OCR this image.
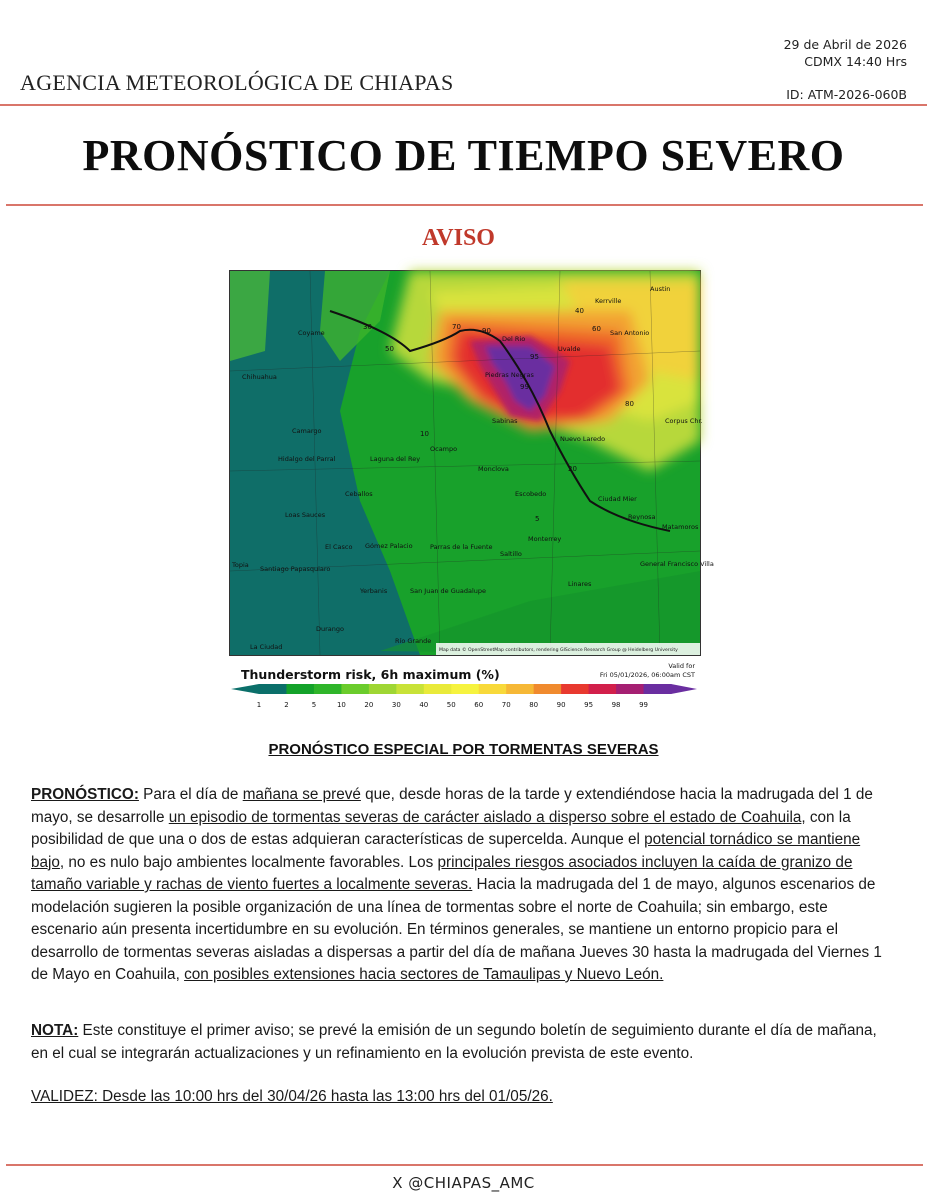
AGENCIA METEOROLÓGICA DE CHIAPAS
29 de Abril de 2026
CDMX 14:40 Hrs
ID: ATM-2026-060B
PRONÓSTICO DE TIEMPO SEVERO
AVISO
Austin
Kerrville
San Antonio
Del Rio
Uvalde
Coyame
Chihuahua	Piedras Negras
Corpus Chr.
Sabinas
Nuevo Laredo
Camargo
Laguna del Rey
Ocampo
Monclova
Hidalgo del Parral
Ceballos	Escobedo
Ciudad Mier
Loas Sauces	Reynosa
Matamoros
El Casco Gómez Palacio	Parras de la Fuente
Monterrey
Saltillo
Topia Santiago Papasquiaro
General Francisco Villa
Linares
Yerbanis	San Juan de Guadalupe
Durango
Río Grande
La Ciudad
30
50
70	90
95
99
80
60
40
20
10
5
Map data © OpenStreetMap contributors, rendering GIScience Research Group @ Heidelberg University
Thunderstorm risk, 6h maximum (%)
Valid for
Fri 05/01/2026, 06:00am CST
1	2	5	10	20	30	40	50	60	70	80	90	95	98	99
PRONÓSTICO ESPECIAL POR TORMENTAS SEVERAS
PRONÓSTICO: Para el día de mañana se prevé que, desde horas de la tarde y extendiéndose hacia la madrugada del 1 de mayo, se desarrolle un episodio de tormentas severas de carácter aislado a disperso sobre el estado de Coahuila, con la posibilidad de que una o dos de estas adquieran características de supercelda. Aunque el potencial tornádico se mantiene bajo, no es nulo bajo ambientes localmente favorables. Los principales riesgos asociados incluyen la caída de granizo de tamaño variable y rachas de viento fuertes a localmente severas. Hacia la madrugada del 1 de mayo, algunos escenarios de modelación sugieren la posible organización de una línea de tormentas sobre el norte de Coahuila; sin embargo, este escenario aún presenta incertidumbre en su evolución. En términos generales, se mantiene un entorno propicio para el desarrollo de tormentas severas aisladas a dispersas a partir del día de mañana Jueves 30 hasta la madrugada del Viernes 1 de Mayo en Coahuila, con posibles extensiones hacia sectores de Tamaulipas y Nuevo León.
NOTA: Este constituye el primer aviso; se prevé la emisión de un segundo boletín de seguimiento durante el día de mañana, en el cual se integrarán actualizaciones y un refinamiento en la evolución prevista de este evento.
VALIDEZ: Desde las 10:00 hrs del 30/04/26 hasta las 13:00 hrs del 01/05/26.
X @CHIAPAS_AMC
